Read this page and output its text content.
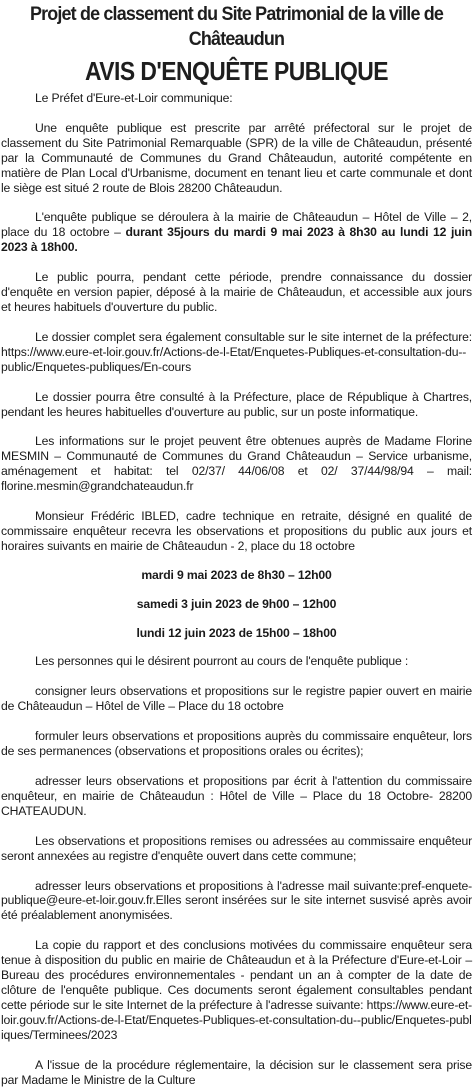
Projet de classement du Site Patrimonial de la ville de
Châteaudun
AVIS D'ENQUÊTE PUBLIQUE

Le Préfet d'Eure-et-Loir communique:

Une enquête publique est prescrite par arrêté préfectoral sur le projet de classement du Site Patrimonial Remarquable (SPR) de la ville de Châteaudun, présenté par la Communauté de Communes du Grand Châteaudun, autorité compétente en matière de Plan Local d'Urbanisme, document en tenant lieu et carte communale et dont le siège est situé 2 route de Blois 28200 Châteaudun.

L'enquête publique se déroulera à la mairie de Châteaudun – Hôtel de Ville – 2, place du 18 octobre – durant 35jours du mardi 9 mai 2023 à 8h30 au lundi 12 juin 2023 à 18h00.

Le public pourra, pendant cette période, prendre connaissance du dossier d'enquête en version papier, déposé à la mairie de Châteaudun, et accessible aux jours et heures habituels d'ouverture du public.

Le dossier complet sera également consultable sur le site internet de la préfecture: https://www.eure-et-loir.gouv.fr/Actions-de-l-Etat/Enquetes-Publiques-et-consultation-du--public/Enquetes-publiques/En-cours

Le dossier pourra être consulté à la Préfecture, place de République à Chartres, pendant les heures habituelles d'ouverture au public, sur un poste informatique.

Les informations sur le projet peuvent être obtenues auprès de Madame Florine MESMIN – Communauté de Communes du Grand Châteaudun – Service urbanisme, aménagement et habitat: tel 02/37/ 44/06/08 et 02/ 37/44/98/94 – mail: florine.mesmin@grandchateaudun.fr

Monsieur Frédéric IBLED, cadre technique en retraite, désigné en qualité de commissaire enquêteur recevra les observations et propositions du public aux jours et horaires suivants en mairie de Châteaudun - 2, place du 18 octobre

mardi 9 mai 2023 de 8h30 – 12h00

samedi 3 juin 2023 de 9h00 – 12h00

lundi 12 juin 2023 de 15h00 – 18h00

Les personnes qui le désirent pourront au cours de l'enquête publique :

consigner leurs observations et propositions sur le registre papier ouvert en mairie de Châteaudun – Hôtel de Ville – Place du 18 octobre

formuler leurs observations et propositions auprès du commissaire enquêteur, lors de ses permanences (observations et propositions orales ou écrites);

adresser leurs observations et propositions par écrit à l'attention du commissaire enquêteur, en mairie de Châteaudun : Hôtel de Ville – Place du 18 Octobre- 28200 CHATEAUDUN.

Les observations et propositions remises ou adressées au commissaire enquêteur seront annexées au registre d'enquête ouvert dans cette commune;

adresser leurs observations et propositions à l'adresse mail suivante:pref-enquete-publique@eure-et-loir.gouv.fr.Elles seront insérées sur le site internet susvisé après avoir été préalablement anonymisées.

La copie du rapport et des conclusions motivées du commissaire enquêteur sera tenue à disposition du public en mairie de Châteaudun et à la Préfecture d'Eure-et-Loir – Bureau des procédures environnementales - pendant un an à compter de la date de clôture de l'enquête publique. Ces documents seront également consultables pendant cette période sur le site Internet de la préfecture à l'adresse suivante: https://www.eure-et-loir.gouv.fr/Actions-de-l-Etat/Enquetes-Publiques-et-consultation-du--public/Enquetes-publiques/Terminees/2023

A l'issue de la procédure réglementaire, la décision sur le classement sera prise par Madame le Ministre de la Culture
